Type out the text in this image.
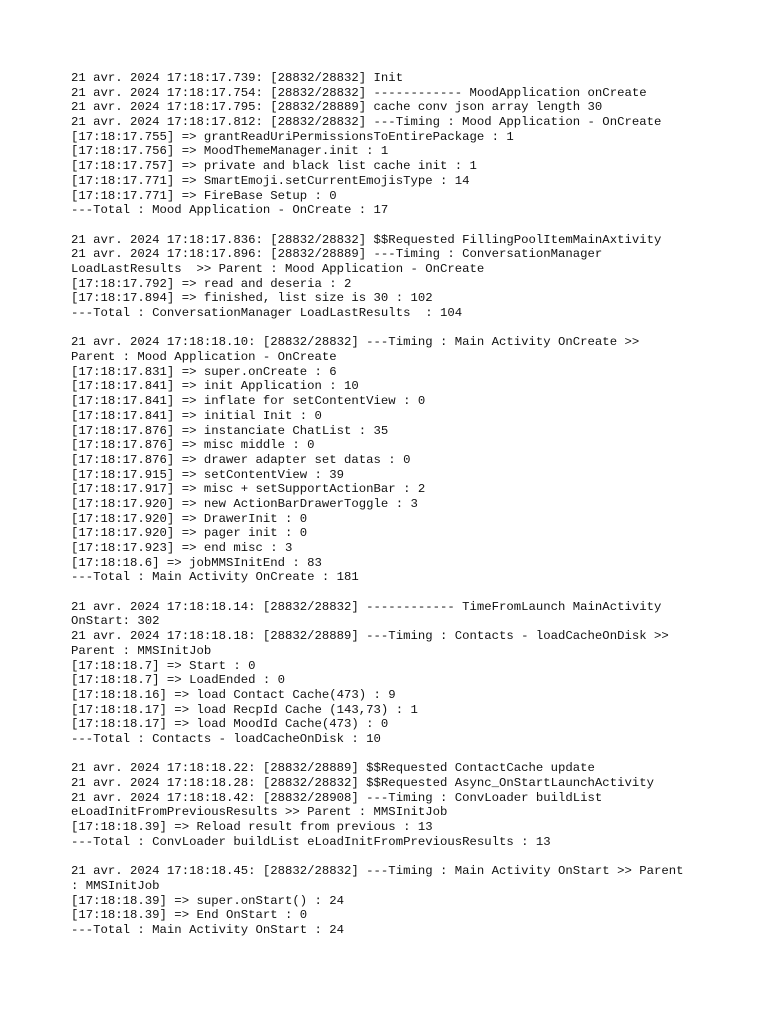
21 avr. 2024 17:18:17.739: [28832/28832] Init
21 avr. 2024 17:18:17.754: [28832/28832] ------------ MoodApplication onCreate
21 avr. 2024 17:18:17.795: [28832/28889] cache conv json array length 30
21 avr. 2024 17:18:17.812: [28832/28832] ---Timing : Mood Application - OnCreate
[17:18:17.755] => grantReadUriPermissionsToEntirePackage : 1
[17:18:17.756] => MoodThemeManager.init : 1
[17:18:17.757] => private and black list cache init : 1
[17:18:17.771] => SmartEmoji.setCurrentEmojisType : 14
[17:18:17.771] => FireBase Setup : 0
---Total : Mood Application - OnCreate : 17
21 avr. 2024 17:18:17.836: [28832/28832] $$Requested FillingPoolItemMainAxtivity
21 avr. 2024 17:18:17.896: [28832/28889] ---Timing : ConversationManager
LoadLastResults  >> Parent : Mood Application - OnCreate
[17:18:17.792] => read and deseria : 2
[17:18:17.894] => finished, list size is 30 : 102
---Total : ConversationManager LoadLastResults  : 104
21 avr. 2024 17:18:18.10: [28832/28832] ---Timing : Main Activity OnCreate >>
Parent : Mood Application - OnCreate
[17:18:17.831] => super.onCreate : 6
[17:18:17.841] => init Application : 10
[17:18:17.841] => inflate for setContentView : 0
[17:18:17.841] => initial Init : 0
[17:18:17.876] => instanciate ChatList : 35
[17:18:17.876] => misc middle : 0
[17:18:17.876] => drawer adapter set datas : 0
[17:18:17.915] => setContentView : 39
[17:18:17.917] => misc + setSupportActionBar : 2
[17:18:17.920] => new ActionBarDrawerToggle : 3
[17:18:17.920] => DrawerInit : 0
[17:18:17.920] => pager init : 0
[17:18:17.923] => end misc : 3
[17:18:18.6] => jobMMSInitEnd : 83
---Total : Main Activity OnCreate : 181
21 avr. 2024 17:18:18.14: [28832/28832] ------------ TimeFromLaunch MainActivity
OnStart: 302
21 avr. 2024 17:18:18.18: [28832/28889] ---Timing : Contacts - loadCacheOnDisk >>
Parent : MMSInitJob
[17:18:18.7] => Start : 0
[17:18:18.7] => LoadEnded : 0
[17:18:18.16] => load Contact Cache(473) : 9
[17:18:18.17] => load RecpId Cache (143,73) : 1
[17:18:18.17] => load MoodId Cache(473) : 0
---Total : Contacts - loadCacheOnDisk : 10
21 avr. 2024 17:18:18.22: [28832/28889] $$Requested ContactCache update
21 avr. 2024 17:18:18.28: [28832/28832] $$Requested Async_OnStartLaunchActivity
21 avr. 2024 17:18:18.42: [28832/28908] ---Timing : ConvLoader buildList
eLoadInitFromPreviousResults >> Parent : MMSInitJob
[17:18:18.39] => Reload result from previous : 13
---Total : ConvLoader buildList eLoadInitFromPreviousResults : 13
21 avr. 2024 17:18:18.45: [28832/28832] ---Timing : Main Activity OnStart >> Parent
: MMSInitJob
[17:18:18.39] => super.onStart() : 24
[17:18:18.39] => End OnStart : 0
---Total : Main Activity OnStart : 24
